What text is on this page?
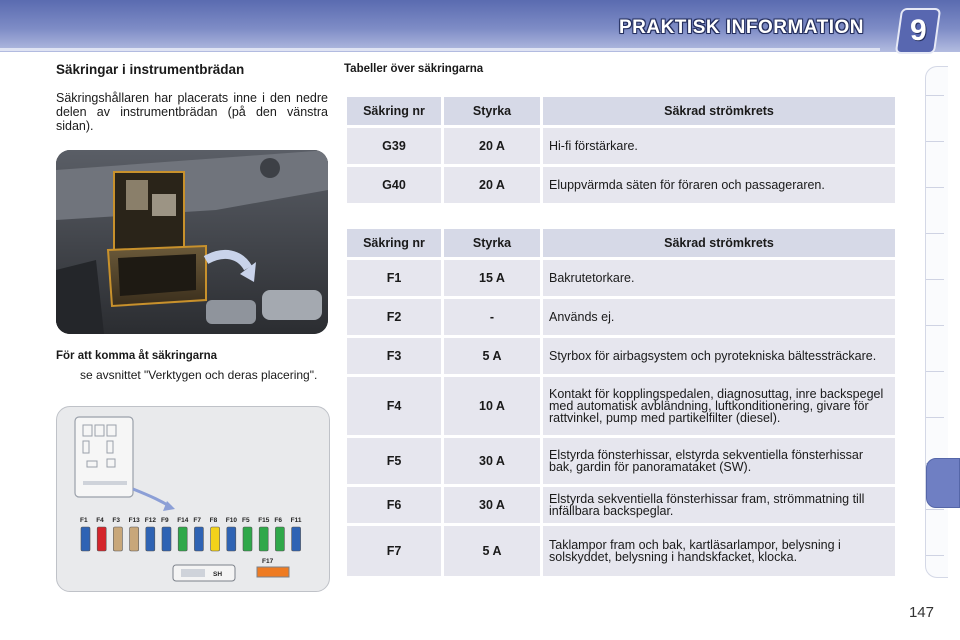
PRAKTISK INFORMATION 9
Säkringar i instrumentbrädan

Säkringshållaren har placerats inne i den nedre delen av instrumentbrädan (på den vänstra sidan).

För att komma åt säkringarna
se avsnittet "Verktygen och deras placering".
F1 F4 F3 F13 F12 F9 F14 F7 F8 F10 F5 F15 F6 F11
SH
F17
Tabeller över säkringarna
Säkring nr	Styrka	Säkrad strömkrets
G39	20 A	Hi-fi förstärkare.
G40	20 A	Eluppvärmda säten för föraren och passageraren.
Säkring nr	Styrka	Säkrad strömkrets
F1	15 A	Bakrutetorkare.
F2	-	Används ej.
F3	5 A	Styrbox för airbagsystem och pyrotekniska bältessträckare.
F4	10 A	Kontakt för kopplingspedalen, diagnosuttag, inre backspegel med automatisk avbländning, luftkonditionering, givare för rattvinkel, pump med partikelfilter (diesel).
F5	30 A	Elstyrda fönsterhissar, elstyrda sekventiella fönsterhissar bak, gardin för panoramataket (SW).
F6	30 A	Elstyrda sekventiella fönsterhissar fram, strömmatning till infällbara backspeglar.
F7	5 A	Taklampor fram och bak, kartläsarlampor, belysning i solskyddet, belysning i handskfacket, klocka.
147
